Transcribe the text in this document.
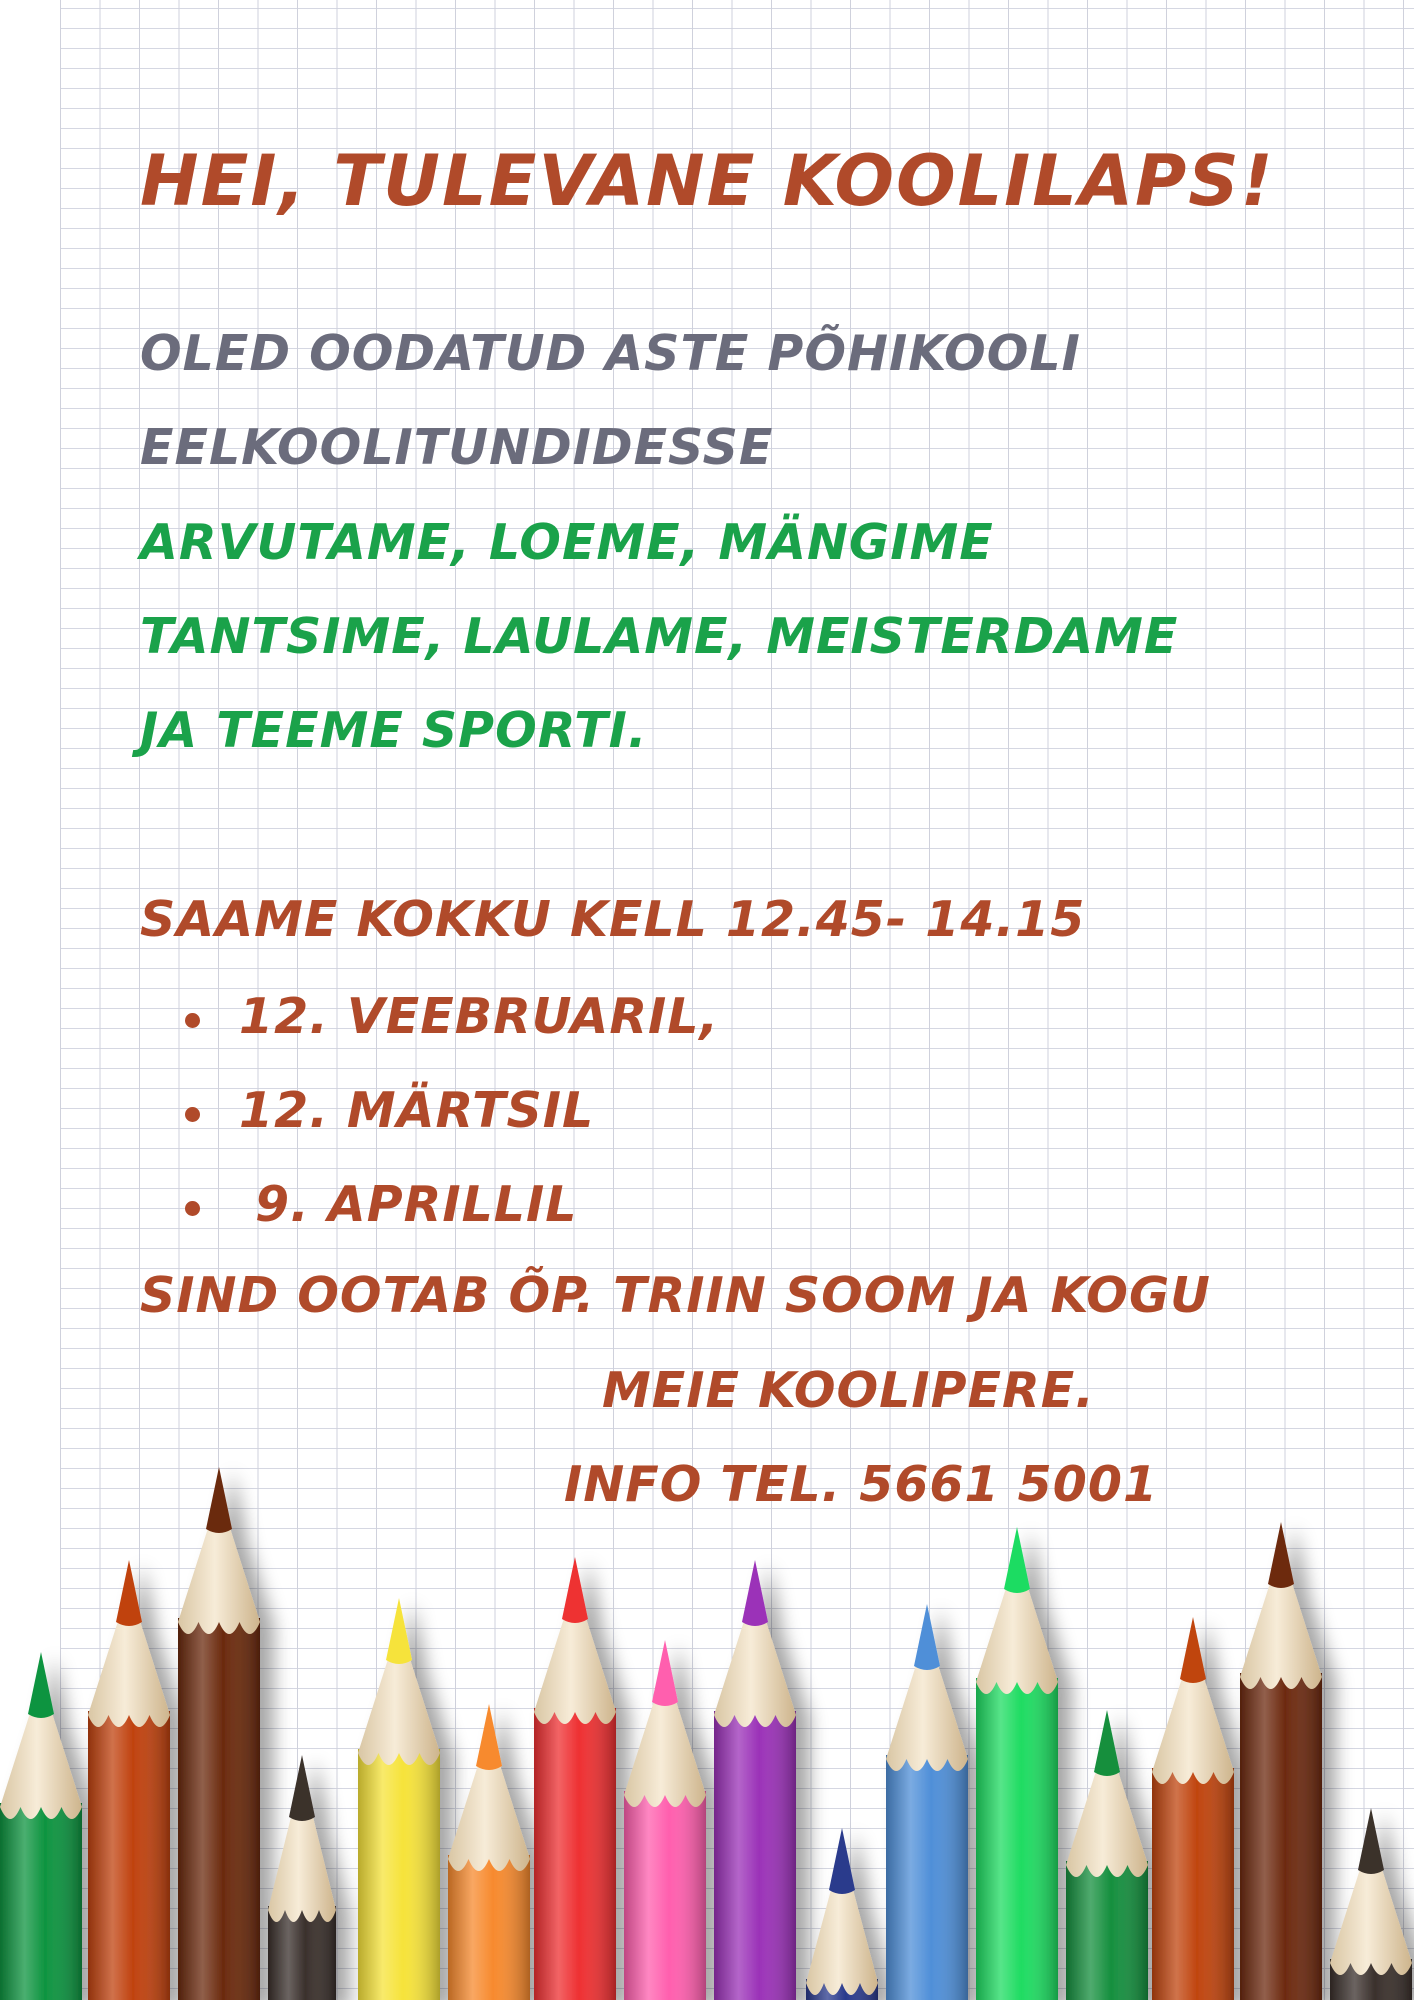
HEI, TULEVANE KOOLILAPS!

OLED OODATUD ASTE PÕHIKOOLI

EELKOOLITUNDIDESSE

ARVUTAME, LOEME, MÄNGIME

TANTSIME, LAULAME, MEISTERDAME

JA TEEME SPORTI.

SAAME KOKKU KELL 12.45- 14.15

12. VEEBRUARIL,
12. MÄRTSIL
9. APRILLIL

SIND OOTAB ÕP. TRIIN SOOM JA KOGU

MEIE KOOLIPERE.

INFO TEL. 5661 5001
